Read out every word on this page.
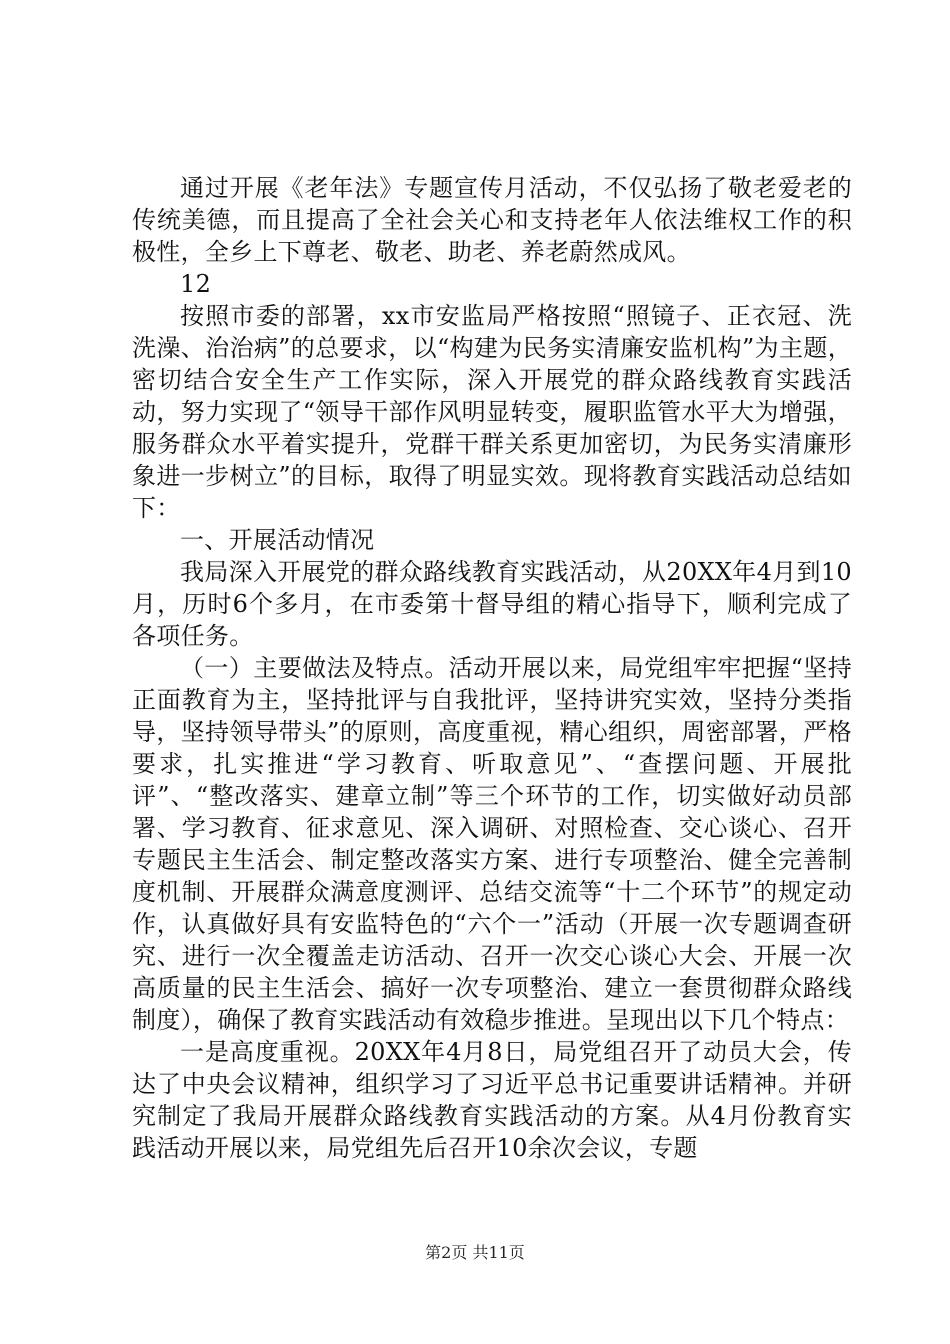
通过开展《老年法》专题宣传月活动，不仅弘扬了敬老爱老的传统美德，而且提高了全社会关心和支持老年人依法维权工作的积极性，全乡上下尊老、敬老、助老、养老蔚然成风。

12

按照市委的部署，xx市安监局严格按照“照镜子、正衣冠、洗洗澡、治治病”的总要求，以“构建为民务实清廉安监机构”为主题，密切结合安全生产工作实际，深入开展党的群众路线教育实践活动，努力实现了“领导干部作风明显转变，履职监管水平大为增强，服务群众水平着实提升，党群干群关系更加密切，为民务实清廉形象进一步树立”的目标，取得了明显实效。现将教育实践活动总结如下：

一、开展活动情况

我局深入开展党的群众路线教育实践活动，从20XX年4月到10月，历时6个多月，在市委第十督导组的精心指导下，顺利完成了各项任务。

（一）主要做法及特点。活动开展以来，局党组牢牢把握“坚持正面教育为主，坚持批评与自我批评，坚持讲究实效，坚持分类指导，坚持领导带头”的原则，高度重视，精心组织，周密部署，严格要求，扎实推进“学习教育、听取意见”、“查摆问题、开展批评”、“整改落实、建章立制”等三个环节的工作，切实做好动员部署、学习教育、征求意见、深入调研、对照检查、交心谈心、召开专题民主生活会、制定整改落实方案、进行专项整治、健全完善制度机制、开展群众满意度测评、总结交流等“十二个环节”的规定动作，认真做好具有安监特色的“六个一”活动（开展一次专题调查研究、进行一次全覆盖走访活动、召开一次交心谈心大会、开展一次高质量的民主生活会、搞好一次专项整治、建立一套贯彻群众路线制度），确保了教育实践活动有效稳步推进。呈现出以下几个特点：

一是高度重视。20XX年4月8日，局党组召开了动员大会，传达了中央会议精神，组织学习了习近平总书记重要讲话精神。并研究制定了我局开展群众路线教育实践活动的方案。从4月份教育实践活动开展以来，局党组先后召开10余次会议，专题

第2页 共11页
